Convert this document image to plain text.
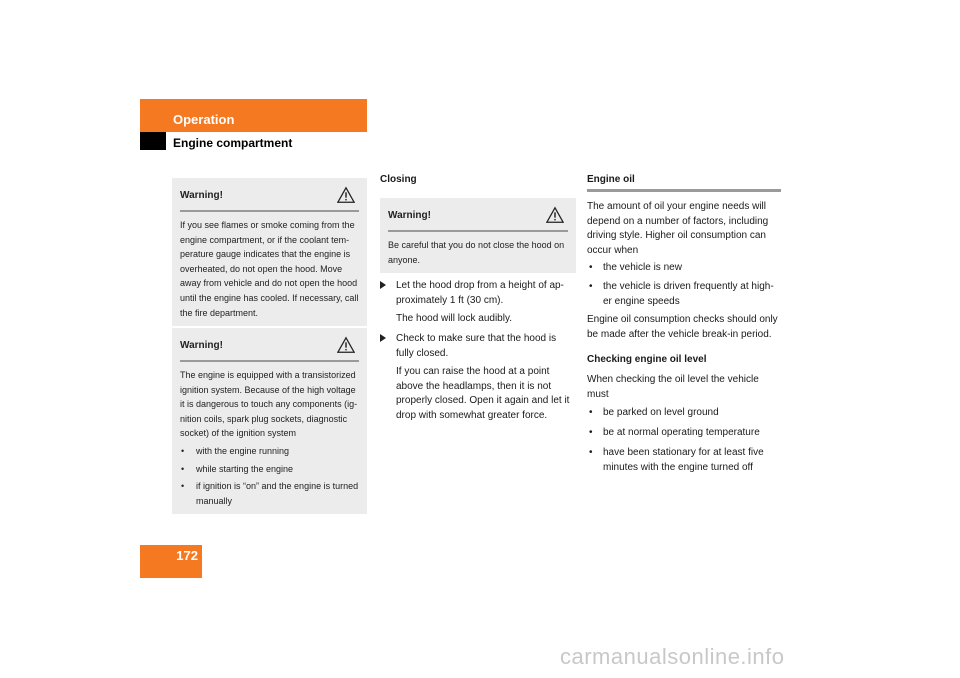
Operation
Engine compartment
Warning!

If you see flames or smoke coming from the engine compartment, or if the coolant tem-perature gauge indicates that the engine is overheated, do not open the hood. Move away from vehicle and do not open the hood until the engine has cooled. If necessary, call the fire department.

Warning!

The engine is equipped with a transistorized ignition system. Because of the high voltage it is dangerous to touch any components (ig-nition coils, spark plug sockets, diagnostic socket) of the ignition system

• with the engine running
• while starting the engine
• if ignition is “on” and the engine is turned manually
Closing
Warning!

Be careful that you do not close the hood on anyone.

Let the hood drop from a height of ap-proximately 1 ft (30 cm).
The hood will lock audibly.
Check to make sure that the hood is fully closed.
If you can raise the hood at a point above the headlamps, then it is not properly closed. Open it again and let it drop with somewhat greater force.
Engine oil
The amount of oil your engine needs will depend on a number of factors, including driving style. Higher oil consumption can occur when
• the vehicle is new
• the vehicle is driven frequently at high-er engine speeds
Engine oil consumption checks should only be made after the vehicle break-in period.
Checking engine oil level
When checking the oil level the vehicle must
• be parked on level ground
• be at normal operating temperature
• have been stationary for at least five minutes with the engine turned off
172
carmanualsonline.info
